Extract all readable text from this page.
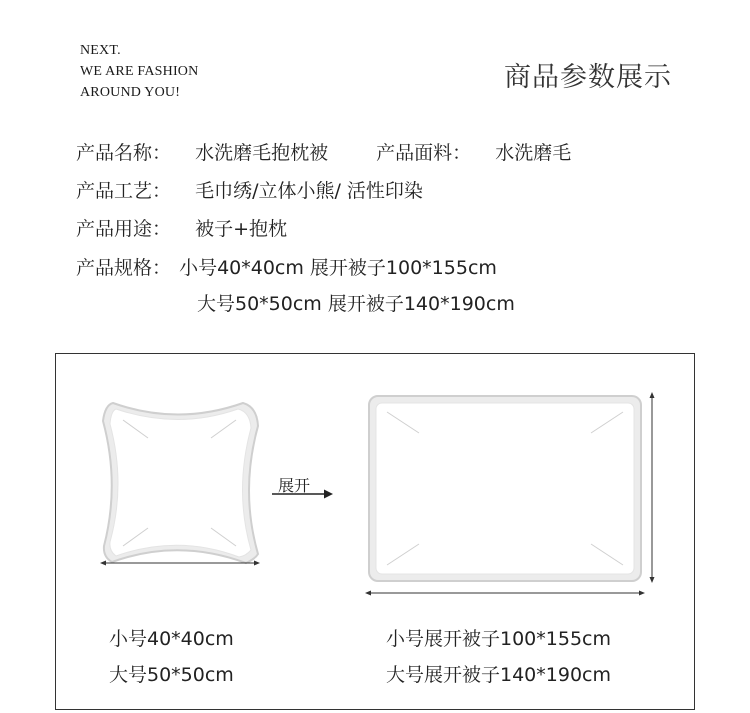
NEXT.
WE ARE FASHION
AROUND YOU!	商品参数展示
产品名称： 水洗磨毛抱枕被	产品面料： 水洗磨毛
产品工艺： 毛巾绣/立体小熊/ 活性印染
产品用途： 被子+抱枕
产品规格： 小号40*40cm 展开被子100*155cm
大号50*50cm 展开被子140*190cm
展开
小号40*40cm
大号50*50cm
小号展开被子100*155cm
大号展开被子140*190cm
